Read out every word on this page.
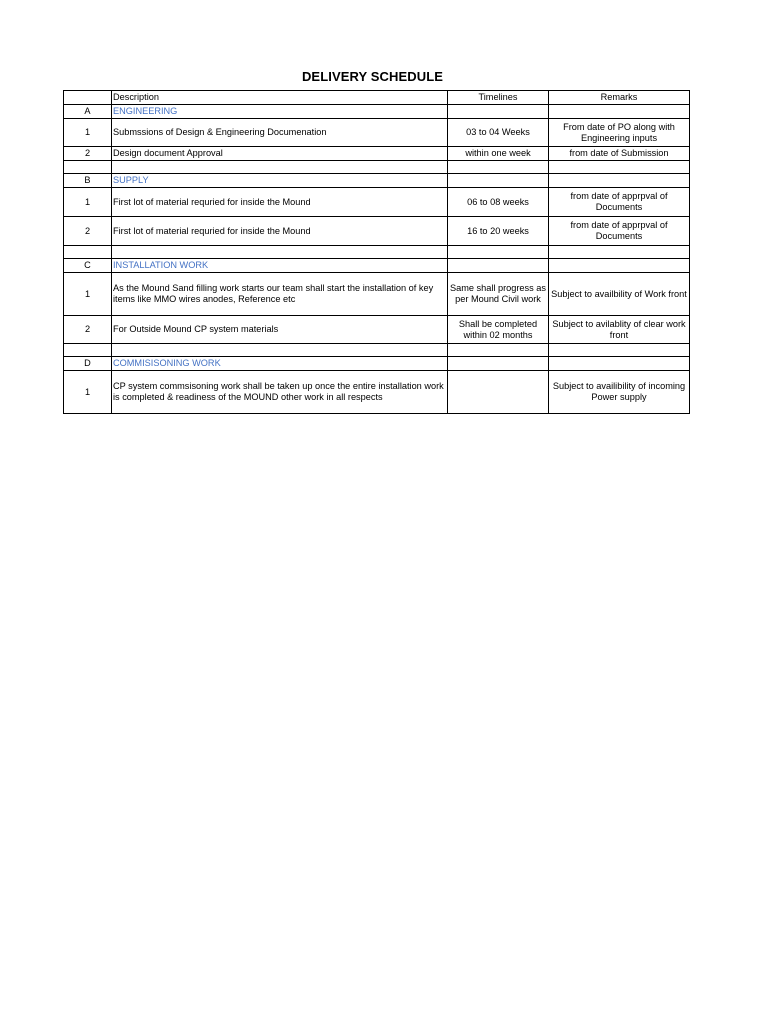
DELIVERY SCHEDULE
	Description	Timelines	Remarks
A	ENGINEERING		
1	Submssions of Design & Engineering Documenation	03 to 04 Weeks	From date of PO along with Engineering inputs
2	Design document Approval	within one week	from date of Submission

B	SUPPLY		
1	First lot of material requried for inside the Mound	06 to 08 weeks	from date of apprpval of Documents
2	First lot of material requried for inside the Mound	16 to 20 weeks	from date of apprpval of Documents

C	INSTALLATION WORK		
1	As the Mound Sand filling work starts our team shall start the installation of key items like MMO wires anodes, Reference etc	Same shall progress as per Mound Civil work	Subject to availbility of Work front
2	For Outside Mound CP system materials	Shall be completed within 02 months	Subject to avilablity of clear work front

D	COMMISISONING WORK		
1	CP system commsisoning work shall be taken up once the entire installation work is completed & readiness of the MOUND other work in all respects		Subject to availibility of incoming Power supply
